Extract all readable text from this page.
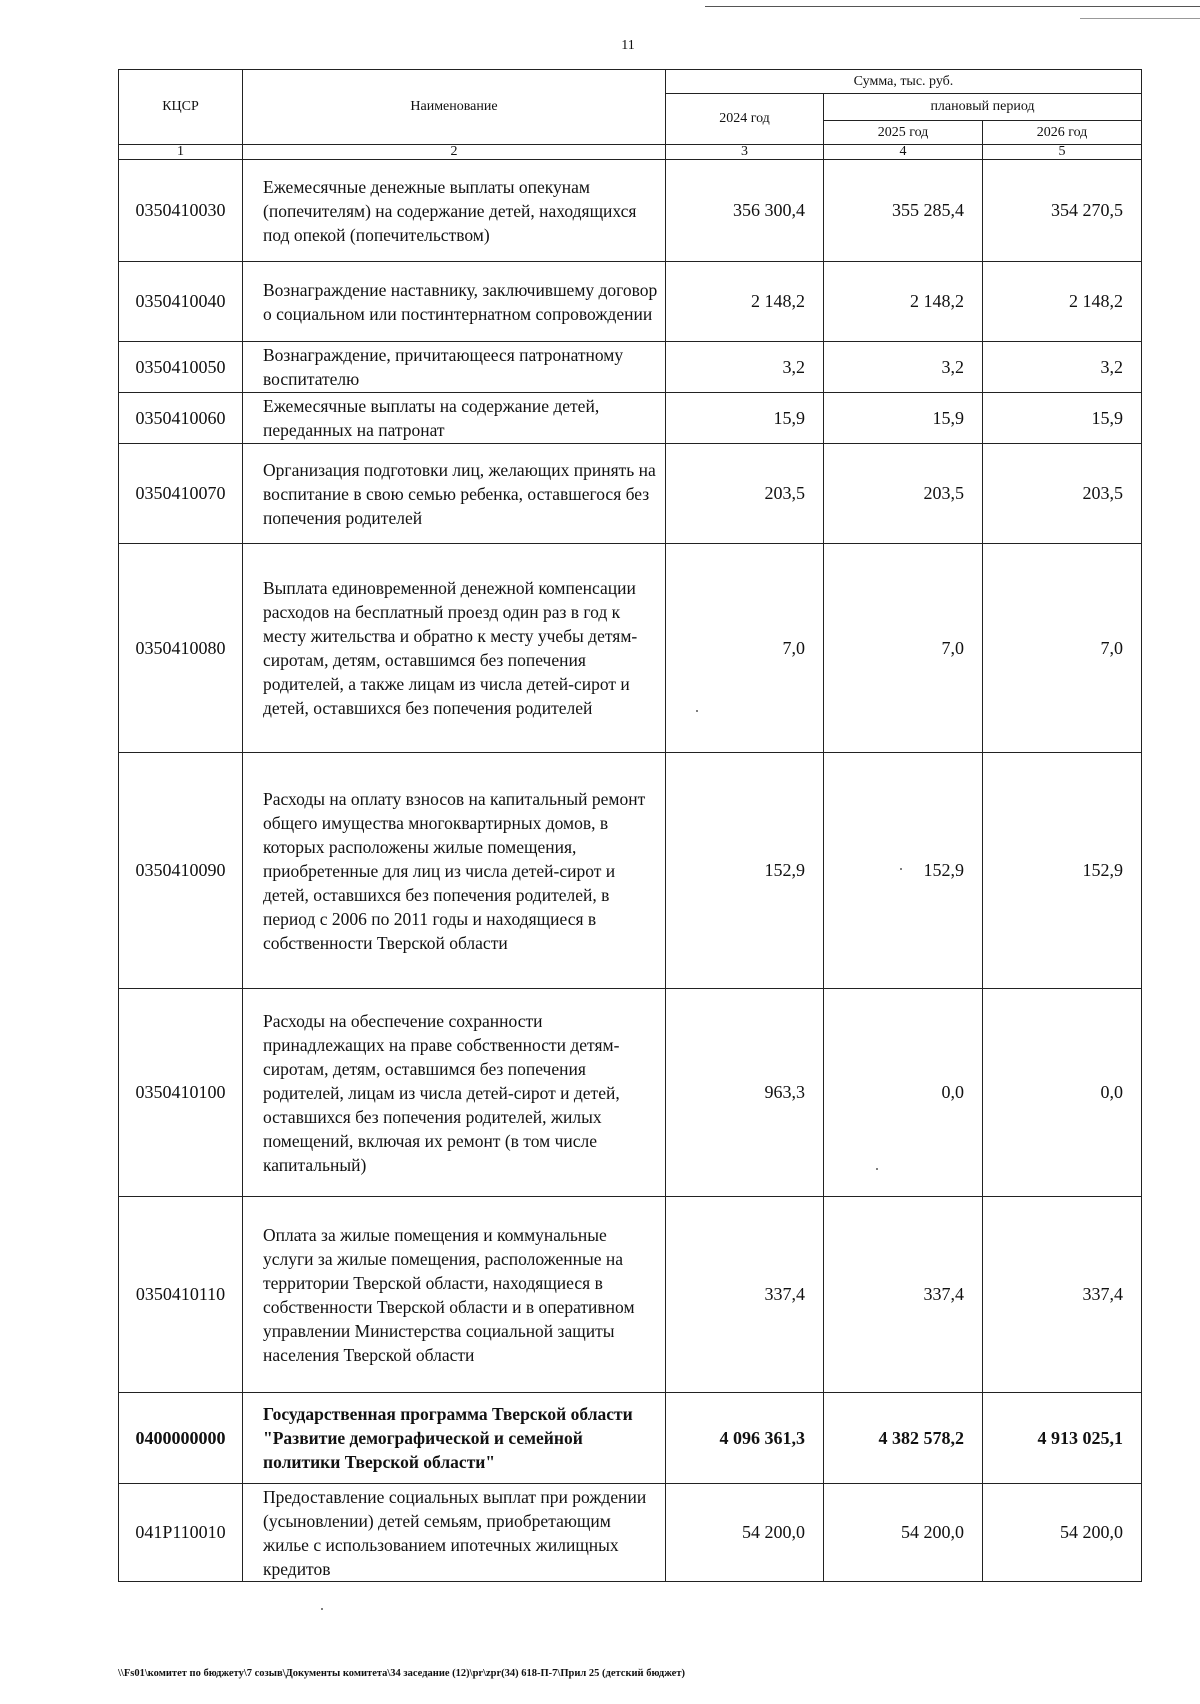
11
КЦСР	Наименование	Сумма, тыс. руб.		
		2024 год	плановый период	
			2025 год	2026 год
1	2	3	4	5
0350410030	Ежемесячные денежные выплаты опекунам (попечителям) на содержание детей, находящихся под опекой (попечительством)	356 300,4	355 285,4	354 270,5
0350410040	Вознаграждение наставнику, заключившему договор о социальном или постинтернатном сопровождении	2 148,2	2 148,2	2 148,2
0350410050	Вознаграждение, причитающееся патронатному воспитателю	3,2	3,2	3,2
0350410060	Ежемесячные выплаты на содержание детей, переданных на патронат	15,9	15,9	15,9
0350410070	Организация подготовки лиц, желающих принять на воспитание в свою семью ребенка, оставшегося без попечения родителей	203,5	203,5	203,5
0350410080	Выплата единовременной денежной компенсации расходов на бесплатный проезд один раз в год к месту жительства и обратно к месту учебы детям-сиротам, детям, оставшимся без попечения родителей, а также лицам из числа детей-сирот и детей, оставшихся без попечения родителей	7,0	7,0	7,0
0350410090	Расходы на оплату взносов на капитальный ремонт общего имущества многоквартирных домов, в которых расположены жилые помещения, приобретенные для лиц из числа детей-сирот и детей, оставшихся без попечения родителей, в период с 2006 по 2011 годы и находящиеся в собственности Тверской области	152,9	152,9	152,9
0350410100	Расходы на обеспечение сохранности принадлежащих на праве собственности детям-сиротам, детям, оставшимся без попечения родителей, лицам из числа детей-сирот и детей, оставшихся без попечения родителей, жилых помещений, включая их ремонт (в том числе капитальный)	963,3	0,0	0,0
0350410110	Оплата за жилые помещения и коммунальные услуги за жилые помещения, расположенные на территории Тверской области, находящиеся в собственности Тверской области и в оперативном управлении Министерства социальной защиты населения Тверской области	337,4	337,4	337,4
0400000000	Государственная программа Тверской области "Развитие демографической и семейной политики Тверской области"	4 096 361,3	4 382 578,2	4 913 025,1
041P110010	Предоставление социальных выплат при рождении (усыновлении) детей семьям, приобретающим жилье с использованием ипотечных жилищных кредитов	54 200,0	54 200,0	54 200,0
\\Fs01\комитет по бюджету\7 созыв\Документы комитета\34 заседание (12)\pr\zpr(34) 618-П-7\Прил 25 (детский бюджет)
